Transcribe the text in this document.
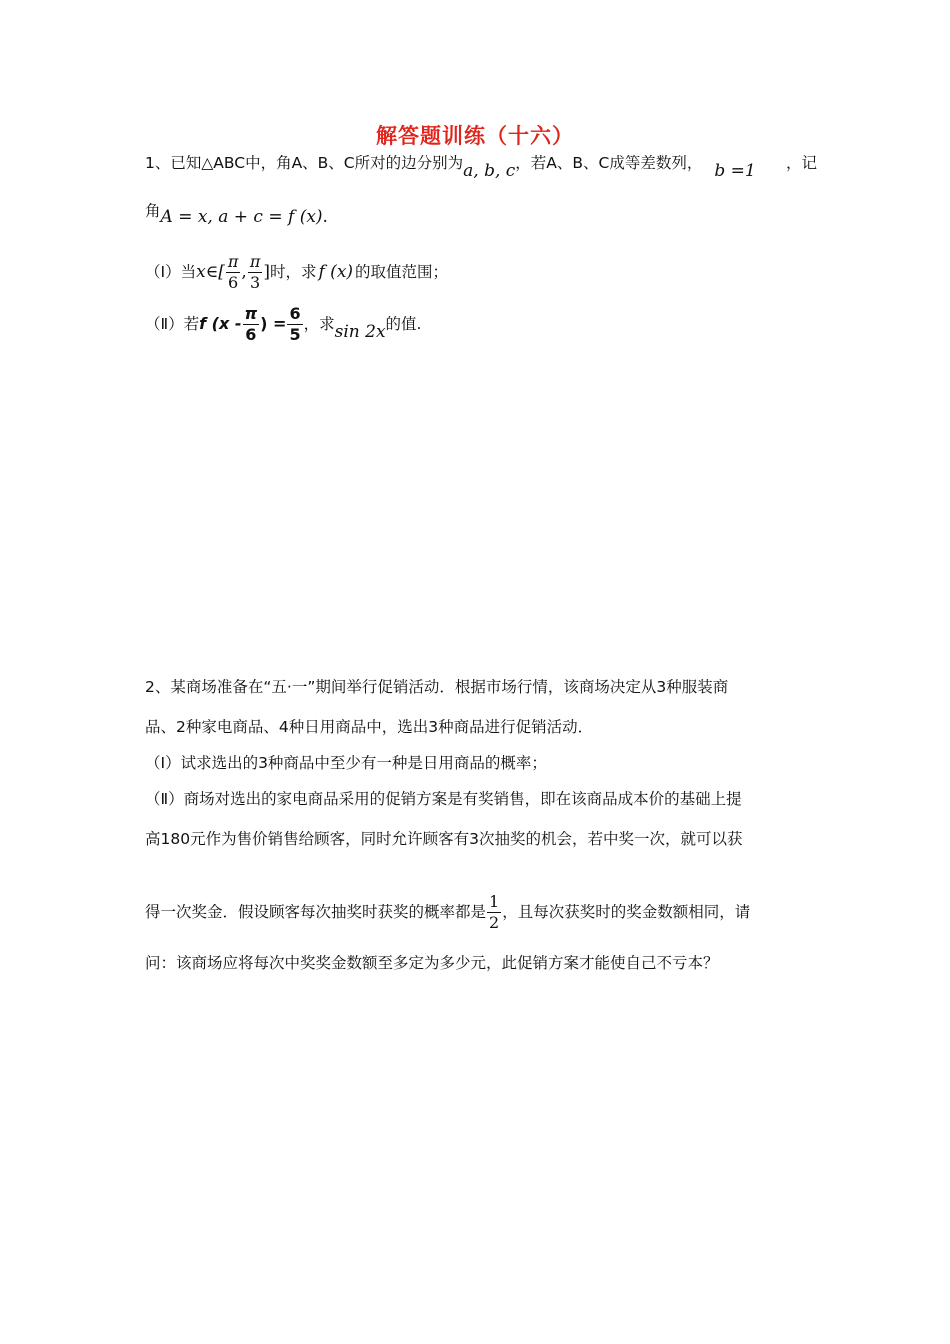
解答题训练（十六）
1、已知△ABC中，角A、B、C所对的边分别为a, b, c，若A、B、C成等差数列， b =1 ，记
角A = x, a + c = f (x).
（Ⅰ）当x∈[ $\frac{\pi}{6}$ , $\frac{\pi}{3}$ ]时，求 f (x) 的取值范围；
（Ⅱ）若f ($x - \frac{\pi}{6}$ ) = $\frac{6}{5}$ ，求sin 2x的值.
2、某商场准备在“五·一”期间举行促销活动．根据市场行情，该商场决定从3种服装商
品、2种家电商品、4种日用商品中，选出3种商品进行促销活动．
（Ⅰ）试求选出的3种商品中至少有一种是日用商品的概率；
（Ⅱ）商场对选出的家电商品采用的促销方案是有奖销售，即在该商品成本价的基础上提
高180元作为售价销售给顾客，同时允许顾客有3次抽奖的机会，若中奖一次，就可以获
得一次奖金．假设顾客每次抽奖时获奖的概率都是 $\frac{1}{2}$ ，且每次获奖时的奖金数额相同，请
问：该商场应将每次中奖奖金数额至多定为多少元，此促销方案才能使自己不亏本？
